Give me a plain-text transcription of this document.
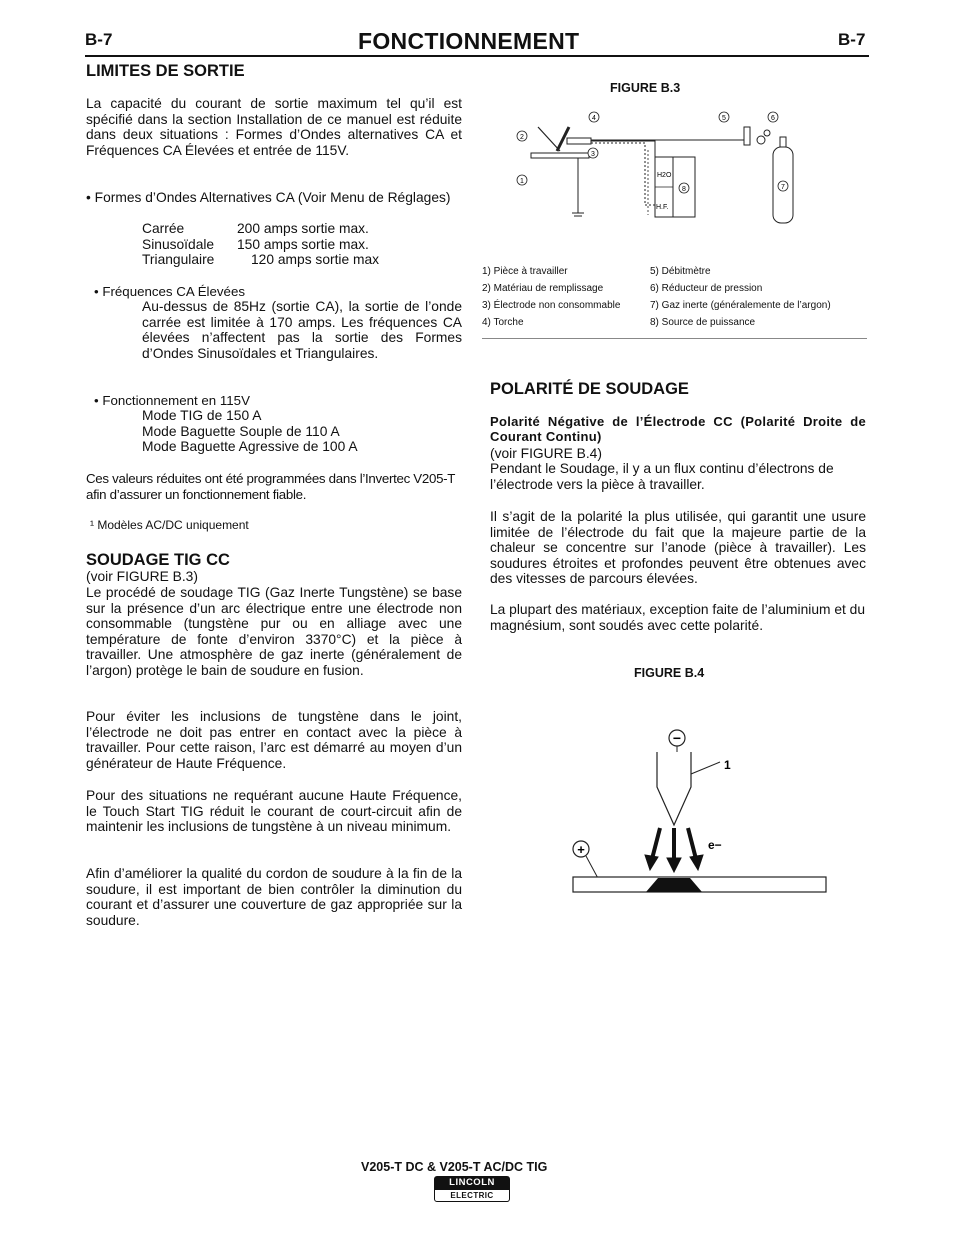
B-7	FONCTIONNEMENT	B-7
LIMITES DE SORTIE
La capacité du courant de sortie maximum tel qu’il est spécifié dans la section Installation de ce manuel est réduite dans deux situations : Formes d’Ondes alternatives CA et Fréquences CA Élevées et entrée de 115V.
• Formes d’Ondes Alternatives CA (Voir Menu de Réglages)
Carrée	200 amps sortie max.
Sinusoïdale	150 amps sortie max.
Triangulaire	120 amps sortie max
• Fréquences CA Élevées
Au-dessus de 85Hz (sortie CA), la sortie de l’onde carrée est limitée à 170 amps. Les fréquences CA élevées n’affectent pas la sortie des Formes d’Ondes Sinusoïdales et Triangulaires.
• Fonctionnement en 115V
Mode TIG de 150 A
Mode Baguette Souple de 110 A
Mode Baguette Agressive de 100 A
Ces valeurs réduites ont été programmées dans l’Invertec V205-T afin d’assurer un fonctionnement fiable.
¹ Modèles AC/DC uniquement
SOUDAGE TIG CC
(voir FIGURE B.3)
Le procédé de soudage TIG (Gaz Inerte Tungstène) se base sur la présence d’un arc électrique entre une électrode non consommable (tungstène pur ou en alliage avec une température de fonte d’environ 3370°C) et la pièce à travailler. Une atmosphère de gaz inerte (généralement de l’argon) protège le bain de soudure en fusion.
Pour éviter les inclusions de tungstène dans le joint, l’électrode ne doit pas entrer en contact avec la pièce à travailler. Pour cette raison, l’arc est démarré au moyen d’un générateur de Haute Fréquence.
Pour des situations ne requérant aucune Haute Fréquence, le Touch Start TIG réduit le courant de court-circuit afin de maintenir les inclusions de tungstène à un niveau minimum.
Afin d’améliorer la qualité du cordon de soudure à la fin de la soudure, il est important de bien contrôler la diminution du courant et d’assurer une couverture de gaz appropriée sur la soudure.
FIGURE B.3
H2O
H.F.
1
2
3
4	5	6
7
8
1) Pièce à travailler
2) Matériau de remplissage
3) Électrode non consommable
4) Torche
5) Débitmètre
6) Réducteur de pression
7) Gaz inerte (généralemente de l’argon)
8) Source de puissance
POLARITÉ DE SOUDAGE
Polarité Négative de l’Électrode CC (Polarité Droite de Courant Continu)
(voir FIGURE B.4)
Pendant le Soudage, il y a un flux continu d’électrons de l’électrode vers la pièce à travailler.
Il s’agit de la polarité la plus utilisée, qui garantit une usure limitée de l’électrode du fait que la majeure partie de la chaleur se concentre sur l’anode (pièce à travailler). Les soudures étroites et profondes peuvent être obtenues avec des vitesses de parcours élevées.
La plupart des matériaux, exception faite de l’aluminium et du magnésium, sont soudés avec cette polarité.
FIGURE B.4
−
1
e−
+
V205-T DC & V205-T AC/DC TIG
LINCOLN
ELECTRIC
